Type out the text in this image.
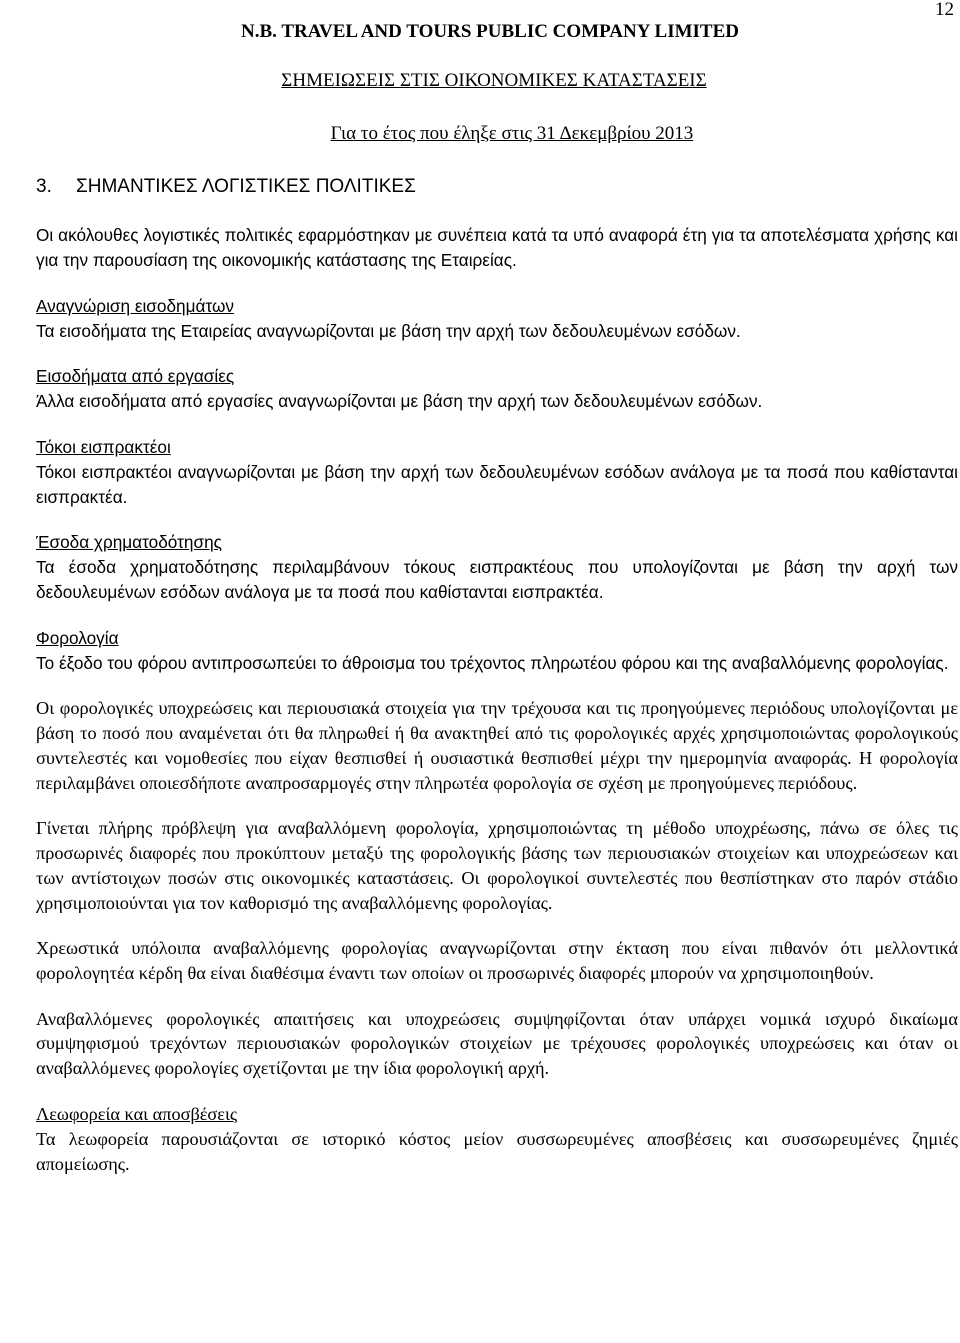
12
N.B. TRAVEL AND TOURS PUBLIC COMPANY LIMITED
ΣΗΜΕΙΩΣΕΙΣ ΣΤΙΣ ΟΙΚΟΝΟΜΙΚΕΣ ΚΑΤΑΣΤΑΣΕΙΣ
Για το έτος που έληξε στις 31 Δεκεμβρίου 2013
3. ΣΗΜΑΝΤΙΚΕΣ ΛΟΓΙΣΤΙΚΕΣ ΠΟΛΙΤΙΚΕΣ

Οι ακόλουθες λογιστικές πολιτικές εφαρμόστηκαν με συνέπεια κατά τα υπό αναφορά έτη για τα αποτελέσματα χρήσης και για την παρουσίαση της οικονομικής κατάστασης της Εταιρείας.

Αναγνώριση εισοδημάτων
Τα εισοδήματα της Εταιρείας αναγνωρίζονται με βάση την αρχή των δεδουλευμένων εσόδων.
Εισοδήματα από εργασίες
Άλλα εισοδήματα από εργασίες αναγνωρίζονται με βάση την αρχή των δεδουλευμένων εσόδων.
Τόκοι εισπρακτέοι
Τόκοι εισπρακτέοι αναγνωρίζονται με βάση την αρχή των δεδουλευμένων εσόδων ανάλογα με τα ποσά που καθίστανται εισπρακτέα.
Έσοδα χρηματοδότησης
Τα έσοδα χρηματοδότησης περιλαμβάνουν τόκους εισπρακτέους που υπολογίζονται με βάση την αρχή των δεδουλευμένων εσόδων ανάλογα με τα ποσά που καθίστανται εισπρακτέα.
Φορολογία
Το έξοδο του φόρου αντιπροσωπεύει το άθροισμα του τρέχοντος πληρωτέου φόρου και της αναβαλλόμενης φορολογίας.

Οι φορολογικές υποχρεώσεις και περιουσιακά στοιχεία για την τρέχουσα και τις προηγούμενες περιόδους υπολογίζονται με βάση το ποσό που αναμένεται ότι θα πληρωθεί ή θα ανακτηθεί από τις φορολογικές αρχές χρησιμοποιώντας φορολογικούς συντελεστές και νομοθεσίες που είχαν θεσπισθεί ή ουσιαστικά θεσπισθεί μέχρι την ημερομηνία αναφοράς. Η φορολογία περιλαμβάνει οποιεσδήποτε αναπροσαρμογές στην πληρωτέα φορολογία σε σχέση με προηγούμενες περιόδους.

Γίνεται πλήρης πρόβλεψη για αναβαλλόμενη φορολογία, χρησιμοποιώντας τη μέθοδο υποχρέωσης, πάνω σε όλες τις προσωρινές διαφορές που προκύπτουν μεταξύ της φορολογικής βάσης των περιουσιακών στοιχείων και υποχρεώσεων και των αντίστοιχων ποσών στις οικονομικές καταστάσεις. Οι φορολογικοί συντελεστές που θεσπίστηκαν στο παρόν στάδιο χρησιμοποιούνται για τον καθορισμό της αναβαλλόμενης φορολογίας.

Χρεωστικά υπόλοιπα αναβαλλόμενης φορολογίας αναγνωρίζονται στην έκταση που είναι πιθανόν ότι μελλοντικά φορολογητέα κέρδη θα είναι διαθέσιμα έναντι των οποίων οι προσωρινές διαφορές μπορούν να χρησιμοποιηθούν.

Αναβαλλόμενες φορολογικές απαιτήσεις και υποχρεώσεις συμψηφίζονται όταν υπάρχει νομικά ισχυρό δικαίωμα συμψηφισμού τρεχόντων περιουσιακών φορολογικών στοιχείων με τρέχουσες φορολογικές υποχρεώσεις και όταν οι αναβαλλόμενες φορολογίες σχετίζονται με την ίδια φορολογική αρχή.

Λεωφορεία και αποσβέσεις
Τα λεωφορεία παρουσιάζονται σε ιστορικό κόστος μείον συσσωρευμένες αποσβέσεις και συσσωρευμένες ζημιές απομείωσης.
